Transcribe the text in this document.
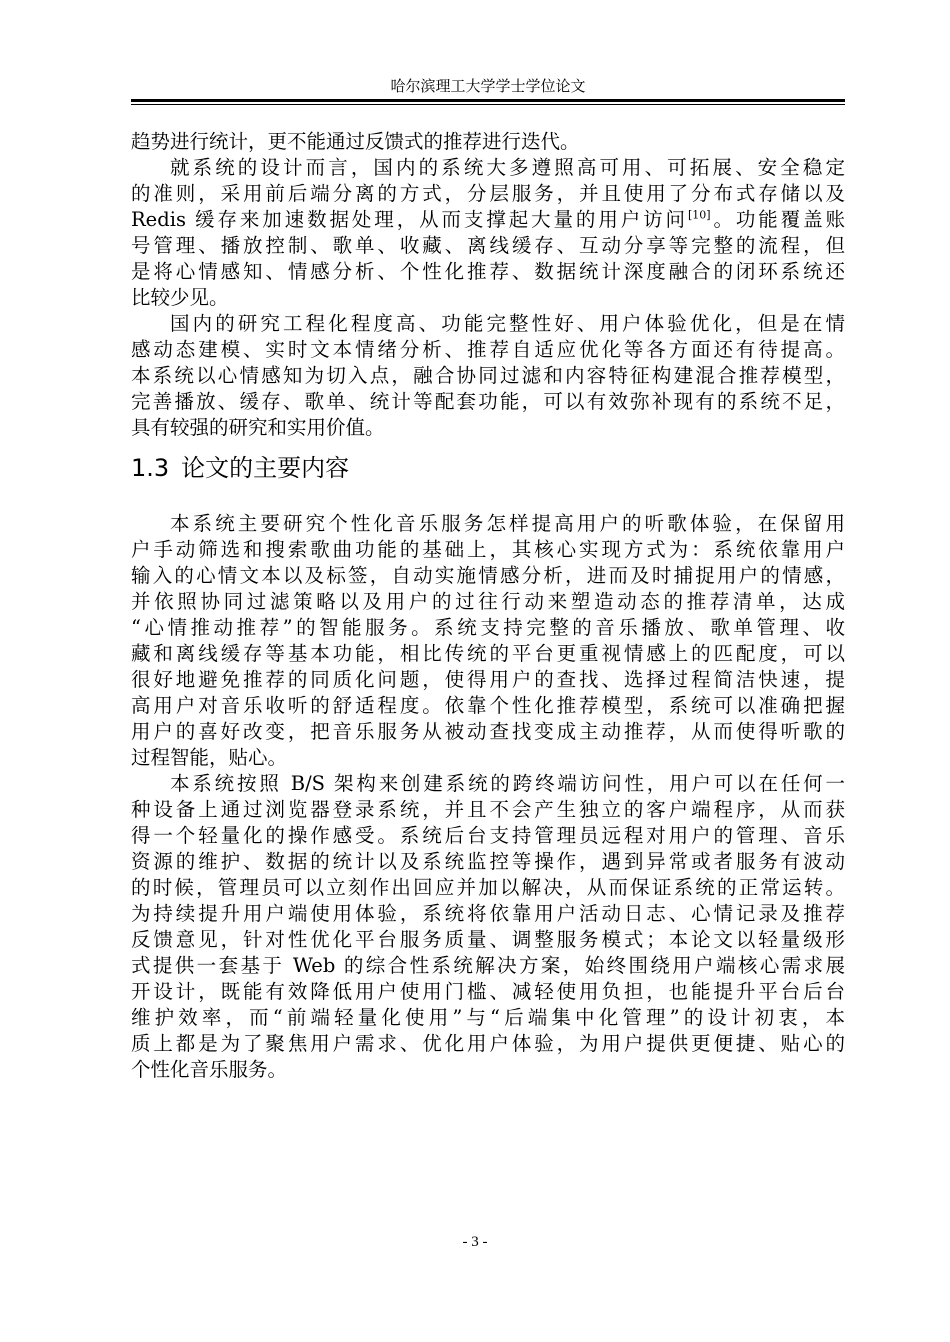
哈尔滨理工大学学士学位论文
趋势进行统计，更不能通过反馈式的推荐进行迭代。
就系统的设计而言，国内的系统大多遵照高可用、可拓展、安全稳定
的准则，采用前后端分离的方式，分层服务，并且使用了分布式存储以及
Redis 缓存来加速数据处理，从而支撑起大量的用户访问[10]。功能覆盖账
号管理、播放控制、歌单、收藏、离线缓存、互动分享等完整的流程，但
是将心情感知、情感分析、个性化推荐、数据统计深度融合的闭环系统还
比较少见。
国内的研究工程化程度高、功能完整性好、用户体验优化，但是在情
感动态建模、实时文本情绪分析、推荐自适应优化等各方面还有待提高。
本系统以心情感知为切入点，融合协同过滤和内容特征构建混合推荐模型，
完善播放、缓存、歌单、统计等配套功能，可以有效弥补现有的系统不足，
具有较强的研究和实用价值。
1.3 论文的主要内容
本系统主要研究个性化音乐服务怎样提高用户的听歌体验，在保留用
户手动筛选和搜索歌曲功能的基础上，其核心实现方式为：系统依靠用户
输入的心情文本以及标签，自动实施情感分析，进而及时捕捉用户的情感，
并依照协同过滤策略以及用户的过往行动来塑造动态的推荐清单，达成
“心情推动推荐”的智能服务。系统支持完整的音乐播放、歌单管理、收
藏和离线缓存等基本功能，相比传统的平台更重视情感上的匹配度，可以
很好地避免推荐的同质化问题，使得用户的查找、选择过程简洁快速，提
高用户对音乐收听的舒适程度。依靠个性化推荐模型，系统可以准确把握
用户的喜好改变，把音乐服务从被动查找变成主动推荐，从而使得听歌的
过程智能，贴心。
本系统按照 B/S 架构来创建系统的跨终端访问性，用户可以在任何一
种设备上通过浏览器登录系统，并且不会产生独立的客户端程序，从而获
得一个轻量化的操作感受。系统后台支持管理员远程对用户的管理、音乐
资源的维护、数据的统计以及系统监控等操作，遇到异常或者服务有波动
的时候，管理员可以立刻作出回应并加以解决，从而保证系统的正常运转。
为持续提升用户端使用体验，系统将依靠用户活动日志、心情记录及推荐
反馈意见，针对性优化平台服务质量、调整服务模式；本论文以轻量级形
式提供一套基于 Web 的综合性系统解决方案，始终围绕用户端核心需求展
开设计，既能有效降低用户使用门槛、减轻使用负担，也能提升平台后台
维护效率，而“前端轻量化使用”与“后端集中化管理”的设计初衷，本
质上都是为了聚焦用户需求、优化用户体验，为用户提供更便捷、贴心的
个性化音乐服务。
- 3 -
